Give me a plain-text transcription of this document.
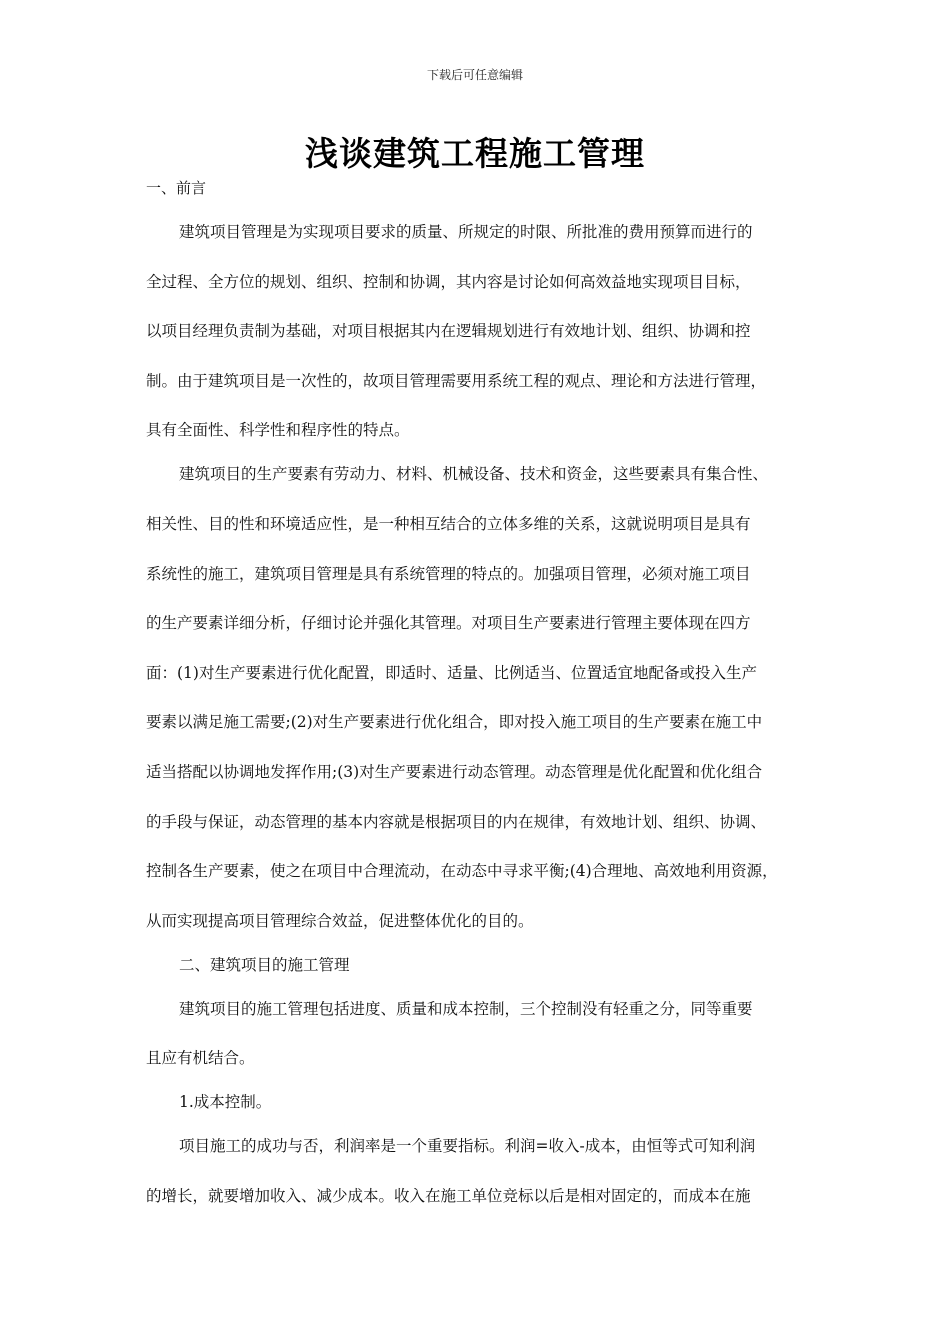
下载后可任意编辑
浅谈建筑工程施工管理
一、前言
建筑项目管理是为实现项目要求的质量、所规定的时限、所批准的费用预算而进行的
全过程、全方位的规划、组织、控制和协调，其内容是讨论如何高效益地实现项目目标，
以项目经理负责制为基础，对项目根据其内在逻辑规划进行有效地计划、组织、协调和控
制。由于建筑项目是一次性的，故项目管理需要用系统工程的观点、理论和方法进行管理，
具有全面性、科学性和程序性的特点。
建筑项目的生产要素有劳动力、材料、机械设备、技术和资金，这些要素具有集合性、
相关性、目的性和环境适应性，是一种相互结合的立体多维的关系，这就说明项目是具有
系统性的施工，建筑项目管理是具有系统管理的特点的。加强项目管理，必须对施工项目
的生产要素详细分析，仔细讨论并强化其管理。对项目生产要素进行管理主要体现在四方
面：(1)对生产要素进行优化配置，即适时、适量、比例适当、位置适宜地配备或投入生产
要素以满足施工需要;(2)对生产要素进行优化组合，即对投入施工项目的生产要素在施工中
适当搭配以协调地发挥作用;(3)对生产要素进行动态管理。动态管理是优化配置和优化组合
的手段与保证，动态管理的基本内容就是根据项目的内在规律，有效地计划、组织、协调、
控制各生产要素，使之在项目中合理流动，在动态中寻求平衡;(4)合理地、高效地利用资源，
从而实现提高项目管理综合效益，促进整体优化的目的。
二、建筑项目的施工管理
建筑项目的施工管理包括进度、质量和成本控制，三个控制没有轻重之分，同等重要
且应有机结合。
1.成本控制。
项目施工的成功与否，利润率是一个重要指标。利润=收入-成本，由恒等式可知利润
的增长，就要增加收入、减少成本。收入在施工单位竞标以后是相对固定的，而成本在施
